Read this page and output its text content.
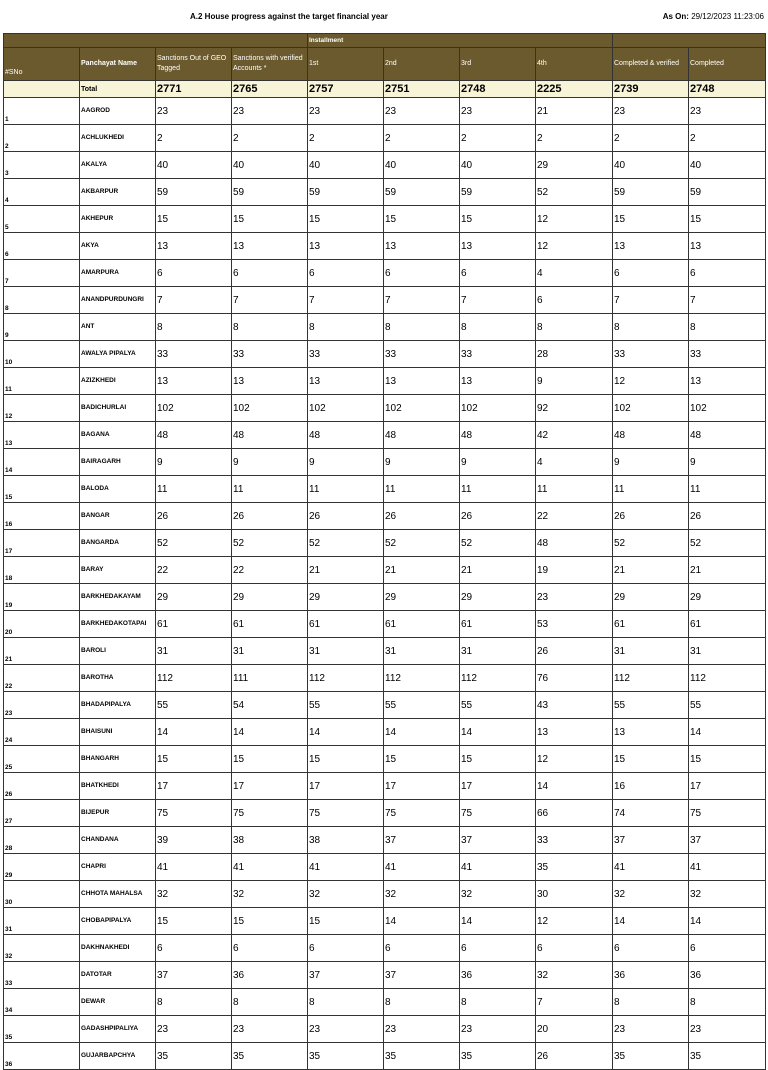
A.2 House progress against the target financial year	As On: 29/12/2023 11:23:06
				Installment					
#SNo	Panchayat Name	Sanctions Out of GEO Tagged	Sanctions with verified Accounts *	1st	2nd	3rd	4th	Completed & verified	Completed
	Total	2771	2765	2757	2751	2748	2225	2739	2748
1	AAGROD	23	23	23	23	23	21	23	23
2	ACHLUKHEDI	2	2	2	2	2	2	2	2
3	AKALYA	40	40	40	40	40	29	40	40
4	AKBARPUR	59	59	59	59	59	52	59	59
5	AKHEPUR	15	15	15	15	15	12	15	15
6	AKYA	13	13	13	13	13	12	13	13
7	AMARPURA	6	6	6	6	6	4	6	6
8	ANANDPURDUNGRI	7	7	7	7	7	6	7	7
9	ANT	8	8	8	8	8	8	8	8
10	AWALYA PIPALYA	33	33	33	33	33	28	33	33
11	AZIZKHEDI	13	13	13	13	13	9	12	13
12	BADICHURLAI	102	102	102	102	102	92	102	102
13	BAGANA	48	48	48	48	48	42	48	48
14	BAIRAGARH	9	9	9	9	9	4	9	9
15	BALODA	11	11	11	11	11	11	11	11
16	BANGAR	26	26	26	26	26	22	26	26
17	BANGARDA	52	52	52	52	52	48	52	52
18	BARAY	22	22	21	21	21	19	21	21
19	BARKHEDAKAYAM	29	29	29	29	29	23	29	29
20	BARKHEDAKOTAPAI	61	61	61	61	61	53	61	61
21	BAROLI	31	31	31	31	31	26	31	31
22	BAROTHA	112	111	112	112	112	76	112	112
23	BHADAPIPALYA	55	54	55	55	55	43	55	55
24	BHAISUNI	14	14	14	14	14	13	13	14
25	BHANGARH	15	15	15	15	15	12	15	15
26	BHATKHEDI	17	17	17	17	17	14	16	17
27	BIJEPUR	75	75	75	75	75	66	74	75
28	CHANDANA	39	38	38	37	37	33	37	37
29	CHAPRI	41	41	41	41	41	35	41	41
30	CHHOTA MAHALSA	32	32	32	32	32	30	32	32
31	CHOBAPIPALYA	15	15	15	14	14	12	14	14
32	DAKHNAKHEDI	6	6	6	6	6	6	6	6
33	DATOTAR	37	36	37	37	36	32	36	36
34	DEWAR	8	8	8	8	8	7	8	8
35	GADASHPIPALIYA	23	23	23	23	23	20	23	23
36	GUJARBAPCHYA	35	35	35	35	35	26	35	35
